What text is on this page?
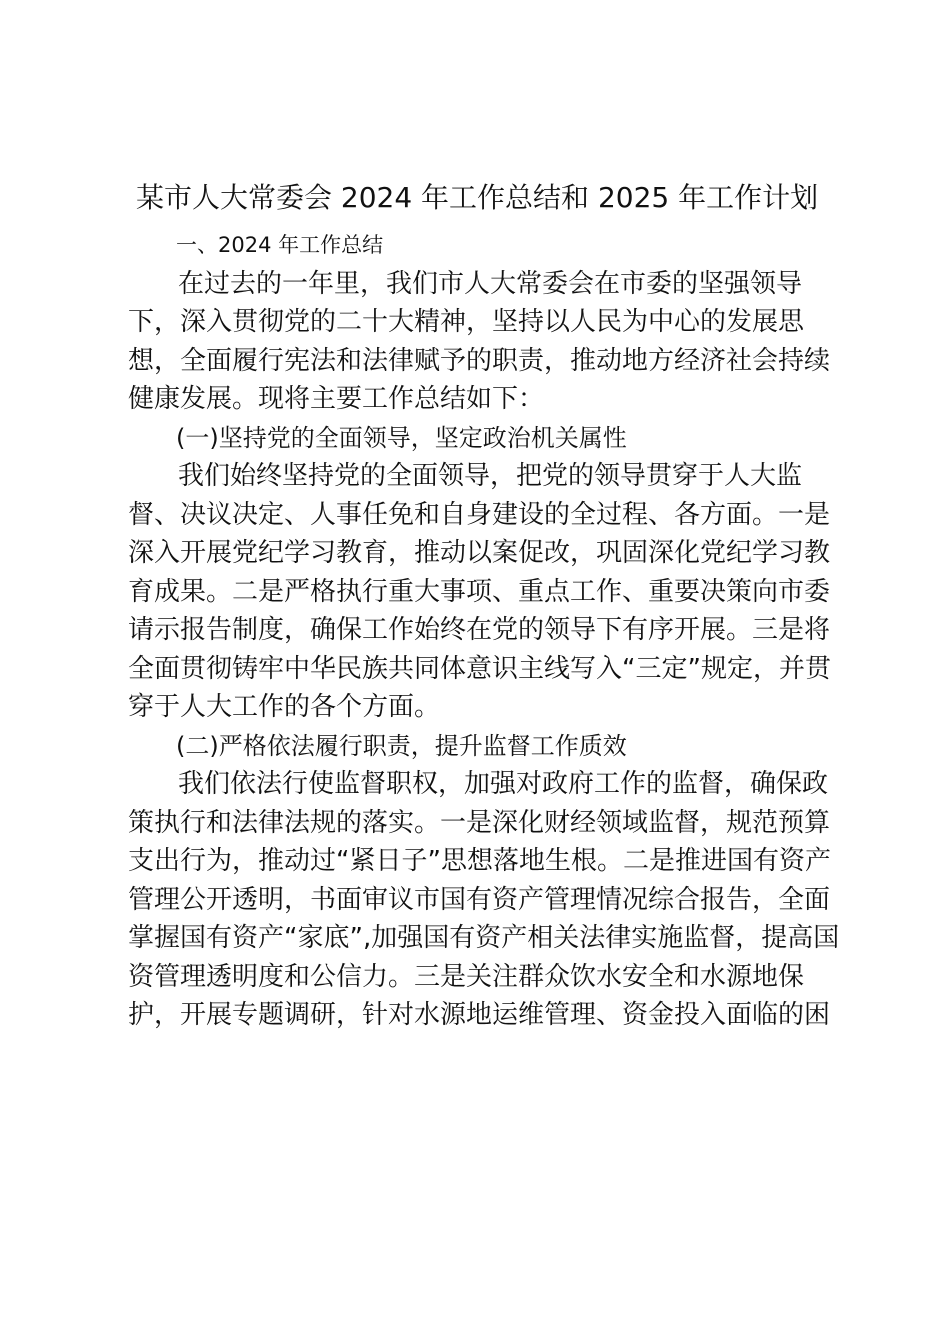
某市人大常委会 2024 年工作总结和 2025 年工作计划
一、2024 年工作总结
在过去的一年里，我们市人大常委会在市委的坚强领导
下，深入贯彻党的二十大精神，坚持以人民为中心的发展思
想，全面履行宪法和法律赋予的职责，推动地方经济社会持续
健康发展。现将主要工作总结如下：
(一)坚持党的全面领导，坚定政治机关属性
我们始终坚持党的全面领导，把党的领导贯穿于人大监
督、决议决定、人事任免和自身建设的全过程、各方面。一是
深入开展党纪学习教育，推动以案促改，巩固深化党纪学习教
育成果。二是严格执行重大事项、重点工作、重要决策向市委
请示报告制度，确保工作始终在党的领导下有序开展。三是将
全面贯彻铸牢中华民族共同体意识主线写入“三定”规定，并贯
穿于人大工作的各个方面。
(二)严格依法履行职责，提升监督工作质效
我们依法行使监督职权，加强对政府工作的监督，确保政
策执行和法律法规的落实。一是深化财经领域监督，规范预算
支出行为，推动过“紧日子”思想落地生根。二是推进国有资产
管理公开透明，书面审议市国有资产管理情况综合报告，全面
掌握国有资产“家底”,加强国有资产相关法律实施监督，提高国
资管理透明度和公信力。三是关注群众饮水安全和水源地保
护，开展专题调研，针对水源地运维管理、资金投入面临的困
